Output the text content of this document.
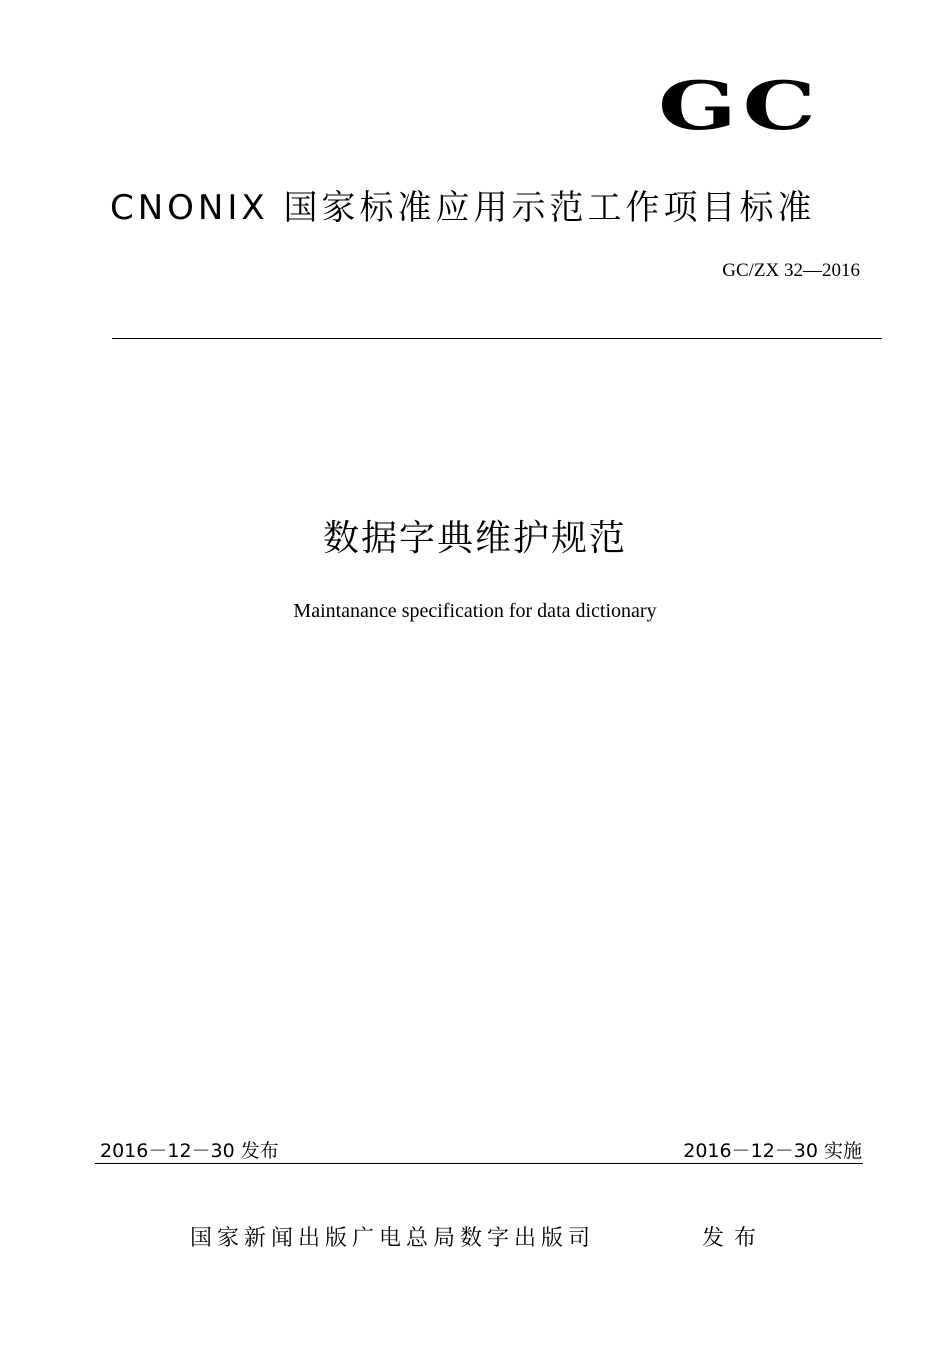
GC
CNONIX 国家标准应用示范工作项目标准
GC/ZX 32—2016
数据字典维护规范
Maintanance specification for data dictionary
2016－12－30 发布	2016－12－30 实施
国家新闻出版广电总局数字出版司	发布
